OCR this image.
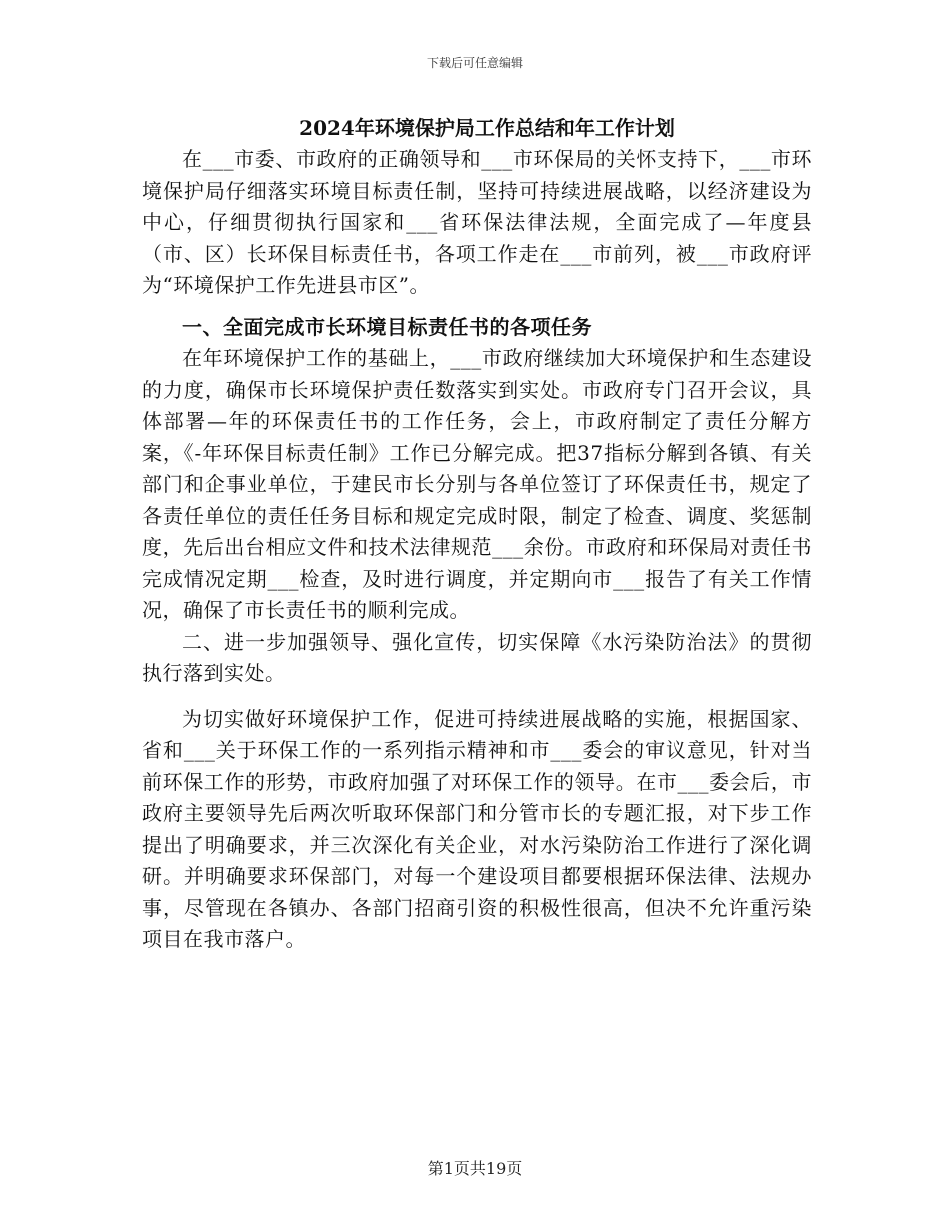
下载后可任意编辑
2024年环境保护局工作总结和年工作计划

在___市委、市政府的正确领导和___市环保局的关怀支持下，___市环境保护局仔细落实环境目标责任制，坚持可持续进展战略，以经济建设为中心，仔细贯彻执行国家和___省环保法律法规，全面完成了—年度县（市、区）长环保目标责任书，各项工作走在___市前列，被___市政府评为“环境保护工作先进县市区”。

一、全面完成市长环境目标责任书的各项任务

在年环境保护工作的基础上，___市政府继续加大环境保护和生态建设的力度，确保市长环境保护责任数落实到实处。市政府专门召开会议，具体部署—年的环保责任书的工作任务，会上，市政府制定了责任分解方案，《-年环保目标责任制》工作已分解完成。把37指标分解到各镇、有关部门和企事业单位，于建民市长分别与各单位签订了环保责任书，规定了各责任单位的责任任务目标和规定完成时限，制定了检查、调度、奖惩制度，先后出台相应文件和技术法律规范___余份。市政府和环保局对责任书完成情况定期___检查，及时进行调度，并定期向市___报告了有关工作情况，确保了市长责任书的顺利完成。

二、进一步加强领导、强化宣传，切实保障《水污染防治法》的贯彻执行落到实处。

为切实做好环境保护工作，促进可持续进展战略的实施，根据国家、省和___关于环保工作的一系列指示精神和市___委会的审议意见，针对当前环保工作的形势，市政府加强了对环保工作的领导。在市___委会后，市政府主要领导先后两次听取环保部门和分管市长的专题汇报，对下步工作提出了明确要求，并三次深化有关企业，对水污染防治工作进行了深化调研。并明确要求环保部门，对每一个建设项目都要根据环保法律、法规办事，尽管现在各镇办、各部门招商引资的积极性很高，但决不允许重污染项目在我市落户。

第1页共19页
